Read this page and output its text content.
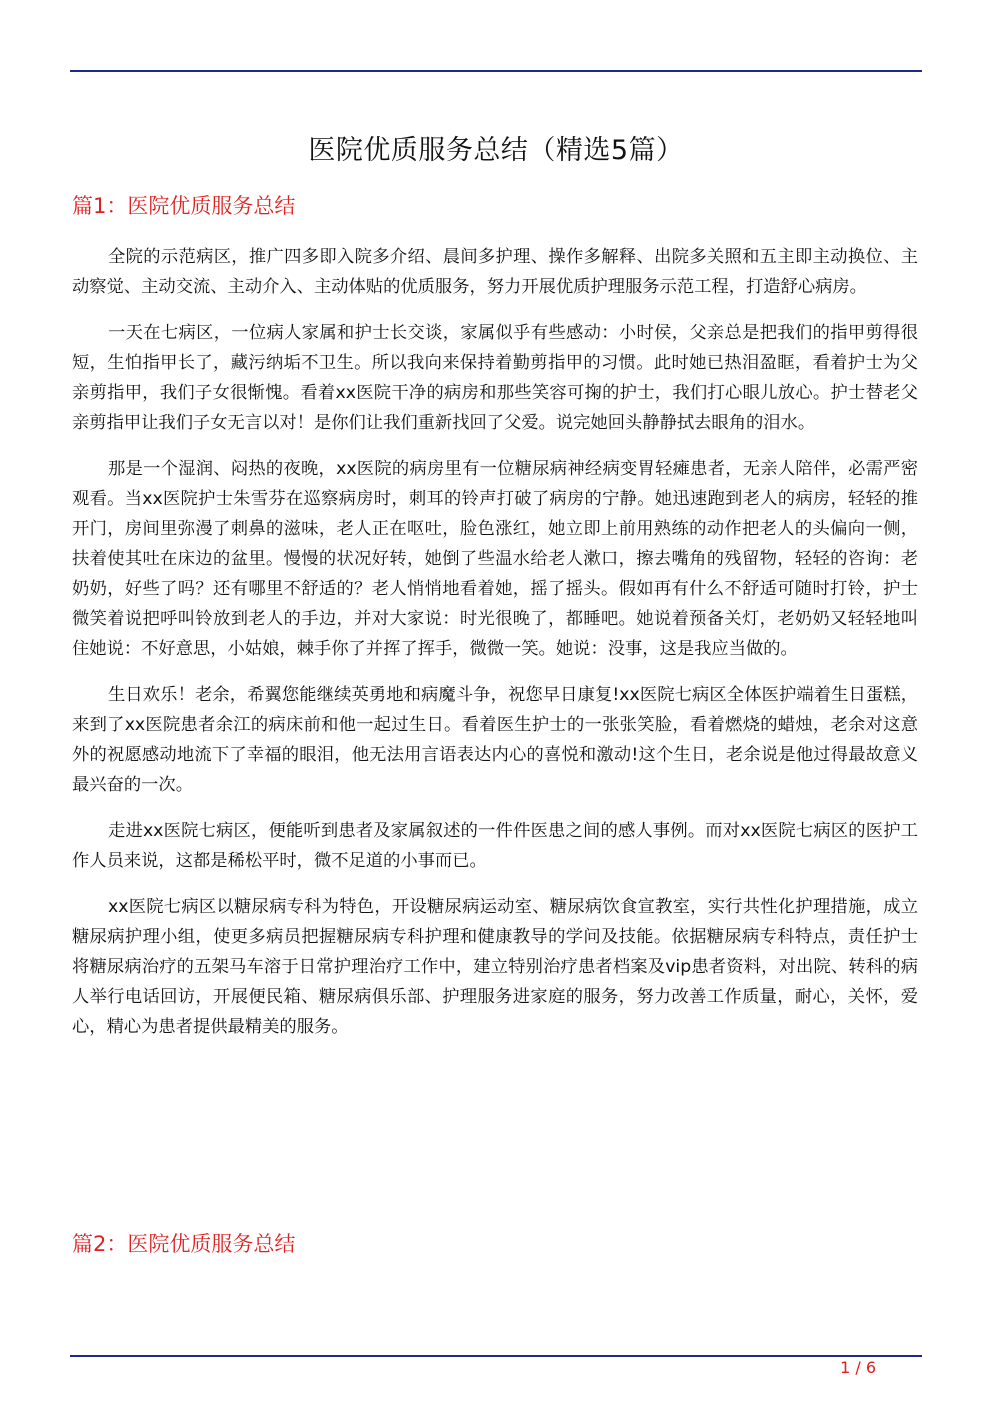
医院优质服务总结（精选5篇）
篇1：医院优质服务总结

全院的示范病区，推广四多即入院多介绍、晨间多护理、操作多解释、出院多关照和五主即主动换位、主动察觉、主动交流、主动介入、主动体贴的优质服务，努力开展优质护理服务示范工程，打造舒心病房。

一天在七病区，一位病人家属和护士长交谈，家属似乎有些感动：小时侯，父亲总是把我们的指甲剪得很短，生怕指甲长了，藏污纳垢不卫生。所以我向来保持着勤剪指甲的习惯。此时她已热泪盈眶，看着护士为父亲剪指甲，我们子女很惭愧。看着xx医院干净的病房和那些笑容可掬的护士，我们打心眼儿放心。护士替老父亲剪指甲让我们子女无言以对！是你们让我们重新找回了父爱。说完她回头静静拭去眼角的泪水。

那是一个湿润、闷热的夜晚，xx医院的病房里有一位糖尿病神经病变胃轻瘫患者，无亲人陪伴，必需严密观看。当xx医院护士朱雪芬在巡察病房时，刺耳的铃声打破了病房的宁静。她迅速跑到老人的病房，轻轻的推开门，房间里弥漫了刺鼻的滋味，老人正在呕吐，脸色涨红，她立即上前用熟练的动作把老人的头偏向一侧，扶着使其吐在床边的盆里。慢慢的状况好转，她倒了些温水给老人漱口，擦去嘴角的残留物，轻轻的咨询：老奶奶，好些了吗？还有哪里不舒适的？老人悄悄地看着她，摇了摇头。假如再有什么不舒适可随时打铃，护士微笑着说把呼叫铃放到老人的手边，并对大家说：时光很晚了，都睡吧。她说着预备关灯，老奶奶又轻轻地叫住她说：不好意思，小姑娘，棘手你了并挥了挥手，微微一笑。她说：没事，这是我应当做的。

生日欢乐！老余，希翼您能继续英勇地和病魔斗争，祝您早日康复!xx医院七病区全体医护端着生日蛋糕，来到了xx医院患者余江的病床前和他一起过生日。看着医生护士的一张张笑脸，看着燃烧的蜡烛，老余对这意外的祝愿感动地流下了幸福的眼泪，他无法用言语表达内心的喜悦和激动!这个生日，老余说是他过得最故意义最兴奋的一次。

走进xx医院七病区，便能听到患者及家属叙述的一件件医患之间的感人事例。而对xx医院七病区的医护工作人员来说，这都是稀松平时，微不足道的小事而已。

xx医院七病区以糖尿病专科为特色，开设糖尿病运动室、糖尿病饮食宣教室，实行共性化护理措施，成立糖尿病护理小组，使更多病员把握糖尿病专科护理和健康教导的学问及技能。依据糖尿病专科特点，责任护士将糖尿病治疗的五架马车溶于日常护理治疗工作中，建立特别治疗患者档案及vip患者资料，对出院、转科的病人举行电话回访，开展便民箱、糖尿病俱乐部、护理服务进家庭的服务，努力改善工作质量，耐心，关怀，爱心，精心为患者提供最精美的服务。

篇2：医院优质服务总结
1 / 6
